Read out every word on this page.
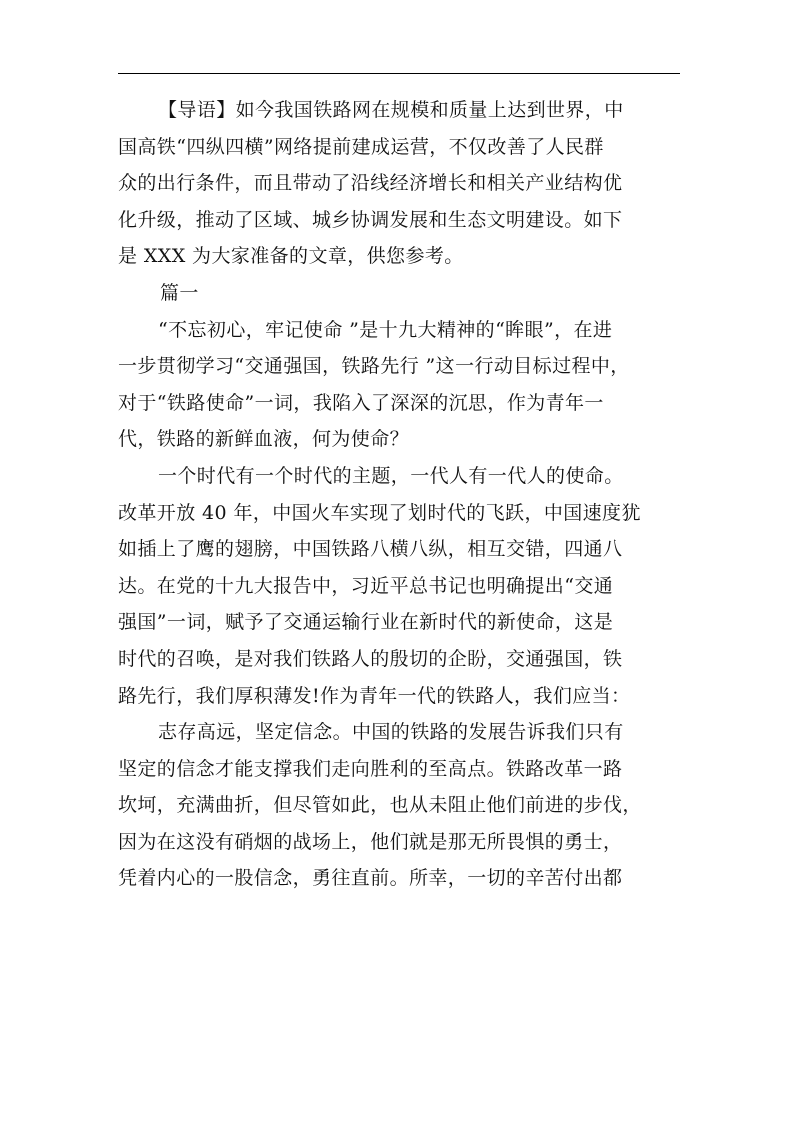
【导语】如今我国铁路网在规模和质量上达到世界，中
国高铁“四纵四横”网络提前建成运营，不仅改善了人民群
众的出行条件，而且带动了沿线经济增长和相关产业结构优
化升级，推动了区域、城乡协调发展和生态文明建设。如下
是 XXX 为大家准备的文章，供您参考。
篇一
“不忘初心，牢记使命 ”是十九大精神的“眸眼”，在进
一步贯彻学习“交通强国，铁路先行 ”这一行动目标过程中，
对于“铁路使命”一词，我陷入了深深的沉思，作为青年一
代，铁路的新鲜血液，何为使命？
一个时代有一个时代的主题，一代人有一代人的使命。
改革开放 40 年，中国火车实现了划时代的飞跃，中国速度犹
如插上了鹰的翅膀，中国铁路八横八纵，相互交错，四通八
达。在党的十九大报告中，习近平总书记也明确提出“交通
强国”一词，赋予了交通运输行业在新时代的新使命，这是
时代的召唤，是对我们铁路人的殷切的企盼，交通强国，铁
路先行，我们厚积薄发!作为青年一代的铁路人，我们应当：
志存高远，坚定信念。中国的铁路的发展告诉我们只有
坚定的信念才能支撑我们走向胜利的至高点。铁路改革一路
坎坷，充满曲折，但尽管如此，也从未阻止他们前进的步伐，
因为在这没有硝烟的战场上，他们就是那无所畏惧的勇士，
凭着内心的一股信念，勇往直前。所幸，一切的辛苦付出都
